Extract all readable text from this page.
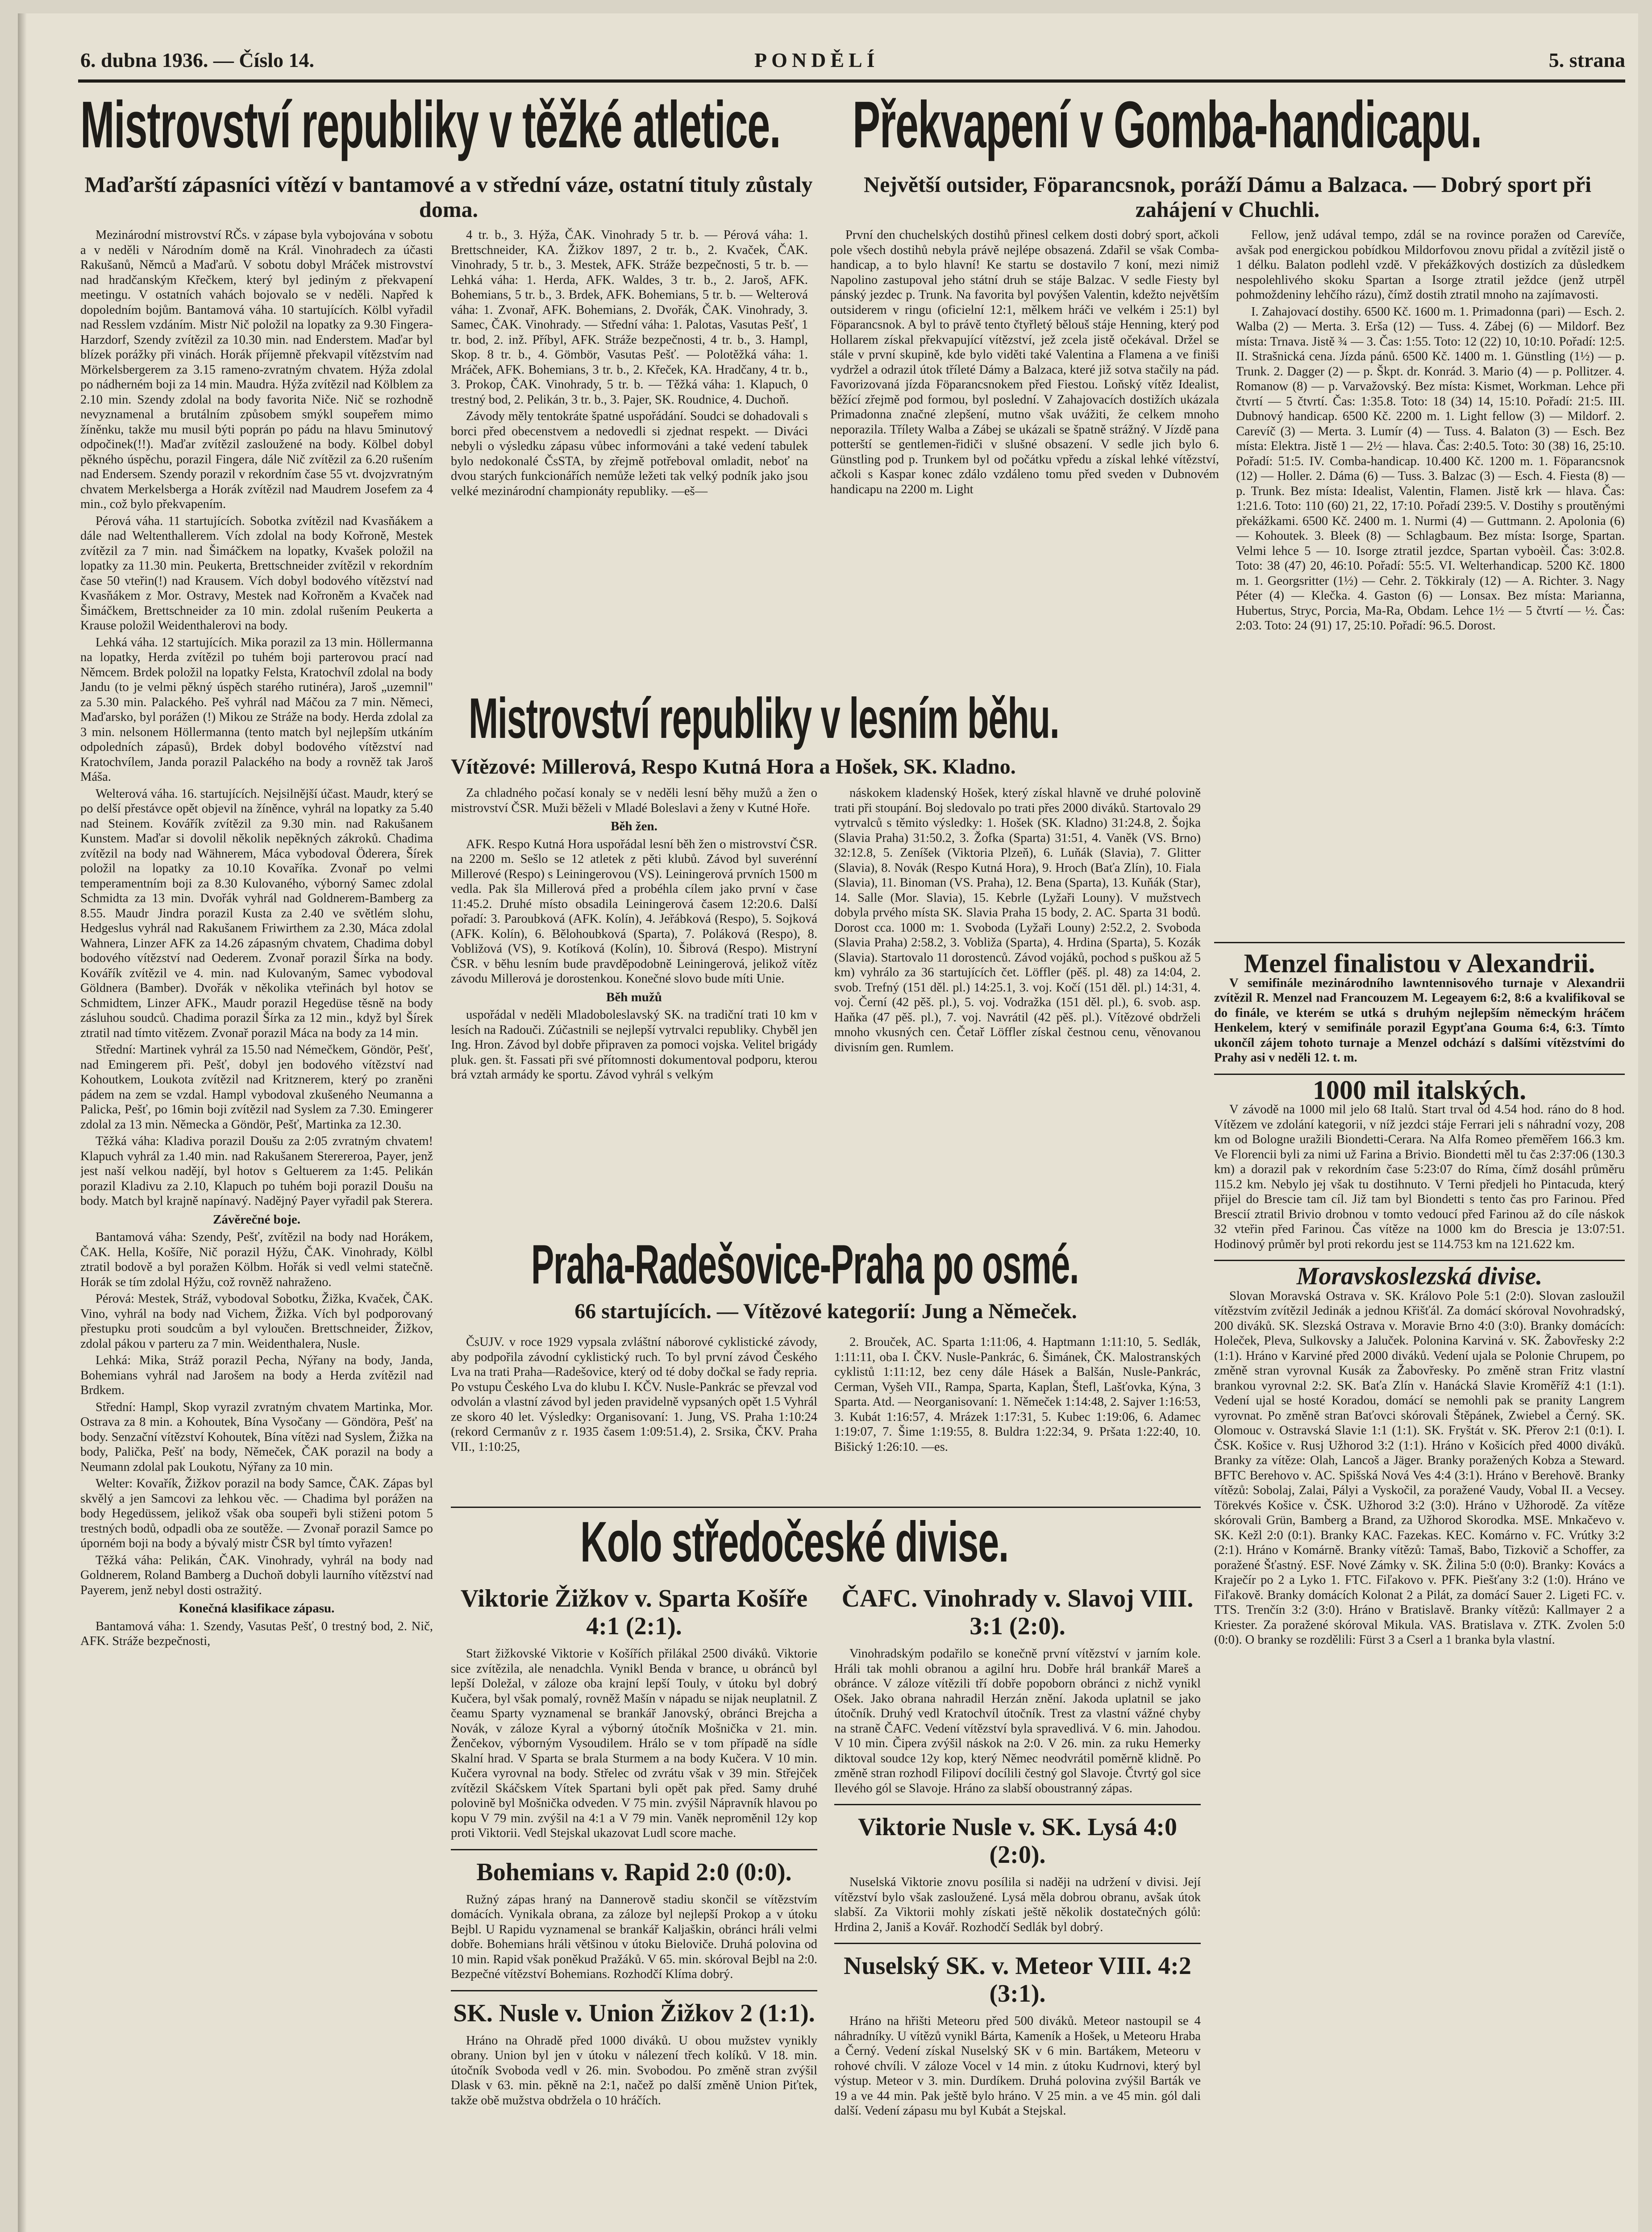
6. dubna 1936. — Číslo 14.	PONDĚLÍ	5. strana
Mistrovství republiky v těžké atletice. Překvapení v Gomba-handicapu.
Maďarští zápasníci vítězí v bantamové a v střední váze, ostatní tituly zůstaly doma.
Největší outsider, Föparancsnok, poráží Dámu a Balzaca. — Dobrý sport při zahájení v Chuchli.

Mezinárodní mistrovství RČs. v zápase byla vybojována v sobotu a v neděli v Národním domě na Král. Vinohradech za účasti Rakušanů, Němců a Maďarů. V sobotu dobyl Mráček mistrovství nad hradčanským Křečkem, který byl jediným z překvapení meetingu. V ostatních vahách bojovalo se v neděli. Napřed k dopoledním bojům. Bantamová váha. 10 startujících. Kölbl vyřadil nad Resslem vzdáním. Mistr Nič položil na lopatky za 9.30 Fingera-Harzdorf, Szendy zvítězil za 10.30 min. nad Enderstem. Maďar byl blízek porážky při vinách. Horák příjemně překvapil vítězstvím nad Mörkelsbergerem za 3.15 rameno-zvratným chvatem. Hýža zdolal po nádherném boji za 14 min. Maudra. Hýža zvítězil nad Kölblem za 2.10 min. Szendy zdolal na body favorita Niče. Nič se rozhodně nevyznamenal a brutálním způsobem smýkl soupeřem mimo žíněnku, takže mu musil býti poprán po pádu na hlavu 5minutový odpočinek(!!). Maďar zvítězil zasloužené na body. Kölbel dobyl pěkného úspěchu, porazil Fingera, dále Nič zvítězil za 6.20 rušením nad Endersem. Szendy porazil v rekordním čase 55 vt. dvojzvratným chvatem Merkelsberga a Horák zvítězil nad Maudrem Josefem za 4 min., což bylo překvapením.

Pérová váha. 11 startujících. Sobotka zvítězil nad Kvasňákem a dále nad Weltenthallerem. Vích zdolal na body Kořroně, Mestek zvítězil za 7 min. nad Šimáčkem na lopatky, Kvašek položil na lopatky za 11.30 min. Peukerta, Brettschneider zvítězil v rekordním čase 50 vteřin(!) nad Krausem. Vích dobyl bodového vítězství nad Kvasňákem z Mor. Ostravy, Mestek nad Kořroněm a Kvaček nad Šimáčkem, Brettschneider za 10 min. zdolal rušením Peukerta a Krause položil Weidenthalerovi na body.

Lehká váha. 12 startujících. Mika porazil za 13 min. Höllermanna na lopatky, Herda zvítězil po tuhém boji parterovou prací nad Němcem. Brdek položil na lopatky Felsta, Kratochvíl zdolal na body Jandu (to je velmi pěkný úspěch starého rutinéra), Jaroš „uzemnil" za 5.30 min. Palackého. Peš vyhrál nad Máčou za 7 min. Němeci, Maďarsko, byl porážen (!) Mikou ze Stráže na body. Herda zdolal za 3 min. nelsonem Höllermanna (tento match byl nejlepším utkáním odpoledních zápasů), Brdek dobyl bodového vítězství nad Kratochvílem, Janda porazil Palackého na body a rovněž tak Jaroš Máša.

Welterová váha. 16. startujících. Nejsilnější účast. Maudr, který se po delší přestávce opět objevil na žíněnce, vyhrál na lopatky za 5.40 nad Steinem. Kovářík zvítězil za 9.30 min. nad Rakušanem Kunstem. Maďar si dovolil několik nepěkných zákroků. Chadima zvítězil na body nad Wähnerem, Máca vybodoval Öderera, Šírek položil na lopatky za 10.10 Kovaříka. Zvonař po velmi temperamentním boji za 8.30 Kulovaného, výborný Samec zdolal Schmidta za 13 min. Dvořák vyhrál nad Goldnerem-Bamberg za 8.55. Maudr Jindra porazil Kusta za 2.40 ve světlém slohu, Hedgeslus vyhrál nad Rakušanem Friwirthem za 2.30, Máca zdolal Wahnera, Linzer AFK za 14.26 zápasným chvatem, Chadima dobyl bodového vítězství nad Oederem. Zvonař porazil Šírka na body. Kovářík zvítězil ve 4. min. nad Kulovaným, Samec vybodoval Göldnera (Bamber). Dvořák v několika vteřinách byl hotov se Schmidtem, Linzer AFK., Maudr porazil Hegedüse těsně na body zásluhou soudců. Chadima porazil Šírka za 12 min., když byl Šírek ztratil nad tímto vitězem. Zvonař porazil Máca na body za 14 min.

Střední: Martinek vyhrál za 15.50 nad Némečkem, Göndör, Pešť, nad Emingerem při. Pešť, dobyl jen bodového vítězství nad Kohoutkem, Loukota zvítězil nad Kritznerem, který po zraněni pádem na zem se vzdal. Hampl vybodoval zkušeného Neumanna a Palicka, Pešť, po 16min boji zvítězil nad Syslem za 7.30. Emingerer zdolal za 13 min. Německa a Göndör, Pešť, Martinka za 12.30.

Těžká váha: Kladiva porazil Doušu za 2:05 zvratným chvatem! Klapuch vyhrál za 1.40 min. nad Rakušanem Sterereroa, Payer, jenž jest naší velkou nadějí, byl hotov s Geltuerem za 1:45. Pelikán porazil Kladivu za 2.10, Klapuch po tuhém boji porazil Doušu na body. Match byl krajně napínavý. Nadějný Payer vyřadil pak Sterera.

Závěrečné boje.

Bantamová váha: Szendy, Pešť, zvítězil na body nad Horákem, ČAK. Hella, Košíře, Nič porazil Hýžu, ČAK. Vinohrady, Kölbl ztratil bodově a byl poražen Kölbm. Hořák si vedl velmi statečně. Horák se tím zdolal Hýžu, což rovněž nahraženo.

Pérová: Mestek, Stráž, vybodoval Sobotku, Žižka, Kvaček, ČAK. Vino, vyhrál na body nad Vichem, Žižka. Vích byl podporovaný přestupku proti soudcům a byl vyloučen. Brettschneider, Žižkov, zdolal pákou v parteru za 7 min. Weidenthalera, Nusle.

Lehká: Mika, Stráž porazil Pecha, Nýřany na body, Janda, Bohemians vyhrál nad Jarošem na body a Herda zvítězil nad Brdkem.

Střední: Hampl, Skop vyrazil zvratným chvatem Martinka, Mor. Ostrava za 8 min. a Kohoutek, Bína Vysočany — Göndöra, Pešť na body. Senzační vítězství Kohoutek, Bína vítězi nad Syslem, Žižka na body, Palička, Pešť na body, Němeček, ČAK porazil na body a Neumann zdolal pak Loukotu, Nýřany za 10 min.

Welter: Kovařík, Žižkov porazil na body Samce, ČAK. Zápas byl skvělý a jen Samcovi za lehkou věc. — Chadima byl porážen na body Hegedüssem, jelikož však oba soupeři byli stiženi potom 5 trestných bodů, odpadli oba ze soutěže. — Zvonař porazil Samce po úporném boji na body a bývalý mistr ČSR byl tímto vyřazen!

Těžká váha: Pelikán, ČAK. Vinohrady, vyhrál na body nad Goldnerem, Roland Bamberg a Duchoň dobyli laurního vítězství nad Payerem, jenž nebyl dosti ostražitý.

Konečná klasifikace zápasu.

Bantamová váha: 1. Szendy, Vasutas Pešť, 0 trestný bod, 2. Nič, AFK. Stráže bezpečnosti,

4 tr. b., 3. Hýža, ČAK. Vinohrady 5 tr. b. — Pérová váha: 1. Brettschneider, KA. Žižkov 1897, 2 tr. b., 2. Kvaček, ČAK. Vinohrady, 5 tr. b., 3. Mestek, AFK. Stráže bezpečnosti, 5 tr. b. — Lehká váha: 1. Herda, AFK. Waldes, 3 tr. b., 2. Jaroš, AFK. Bohemians, 5 tr. b., 3. Brdek, AFK. Bohemians, 5 tr. b. — Welterová váha: 1. Zvonař, AFK. Bohemians, 2. Dvořák, ČAK. Vinohrady, 3. Samec, ČAK. Vinohrady. — Střední váha: 1. Palotas, Vasutas Pešť, 1 tr. bod, 2. inž. Příbyl, AFK. Stráže bezpečnosti, 4 tr. b., 3. Hampl, Skop. 8 tr. b., 4. Gömbör, Vasutas Pešť. — Polotěžká váha: 1. Mráček, AFK. Bohemians, 3 tr. b., 2. Křeček, KA. Hradčany, 4 tr. b., 3. Prokop, ČAK. Vinohrady, 5 tr. b. — Těžká váha: 1. Klapuch, 0 trestný bod, 2. Pelikán, 3 tr. b., 3. Pajer, SK. Roudnice, 4. Duchoň.

Závody měly tentokráte špatné uspořádání. Soudci se dohadovali s borci před obecenstvem a nedovedli si zjednat respekt. — Diváci nebyli o výsledku zápasu vůbec informováni a také vedení tabulek bylo nedokonalé ČsSTA, by zřejmě potřeboval omladit, neboť na dvou starých funkcionářích nemůže ležeti tak velký podník jako jsou velké mezinárodní championáty republiky. —eš—

První den chuchelských dostihů přinesl celkem dosti dobrý sport, ačkoli pole všech dostihů nebyla právě nejlépe obsazená. Zdařil se však Comba-handicap, a to bylo hlavní! Ke startu se dostavilo 7 koní, mezi nimiž Napolino zastupoval jeho státní druh se stáje Balzac. V sedle Fiesty byl pánský jezdec p. Trunk. Na favorita byl povýšen Valentin, kdežto největším outsiderem v ringu (oficielní 12:1, mělkem hráči ve velkém i 25:1) byl Föparancsnok. A byl to právě tento čtyřletý bělouš stáje Henning, který pod Hollarem získal překvapující vítězství, jež zcela jistě očekával. Držel se stále v první skupině, kde bylo viděti také Valentina a Flamena a ve finiši vydržel a odrazil útok tříleté Dámy a Balzaca, které již sotva stačily na pád. Favorizovaná jízda Föparancsnokem před Fiestou. Loňský vítěz Idealist, běžící zřejmě pod formou, byl poslední. V Zahajovacích dostižích ukázala Primadonna značné zlepšení, mutno však uvážiti, že celkem mnoho neporazila. Třílety Walba a Zábej se ukázali se špatně strážný. V Jízdě pana potterští se gentlemen-řidiči v slušné obsazení. V sedle jich bylo 6. Günstling pod p. Trunkem byl od počátku vpředu a získal lehké vítězství, ačkoli s Kaspar konec zdálo vzdáleno tomu před sveden v Dubnovém handicapu na 2200 m. Light

Fellow, jenž udával tempo, zdál se na rovince poražen od Carevíče, avšak pod energickou pobídkou Mildorfovou znovu přidal a zvítězil jistě o 1 délku. Balaton podlehl vzdě. V překážkových dostizích za důsledkem nespolehlivého skoku Spartan a Isorge ztratil ježdce (jenž utrpěl pohmoždeniny lehčího rázu), čímž dostih ztratil mnoho na zajímavosti.

I. Zahajovací dostihy. 6500 Kč. 1600 m. 1. Primadonna (pari) — Esch. 2. Walba (2) — Merta. 3. Erša (12) — Tuss. 4. Zábej (6) — Mildorf. Bez místa: Trnava. Jistě ¾ — 3. Čas: 1:55. Toto: 12 (22) 10, 10:10. Pořadí: 12:5. II. Strašnická cena. Jízda pánů. 6500 Kč. 1400 m. 1. Günstling (1½) — p. Trunk. 2. Dagger (2) — p. Škpt. dr. Konrád. 3. Mario (4) — p. Pollitzer. 4. Romanow (8) — p. Varvažovský. Bez místa: Kismet, Workman. Lehce při čtvrtí — 5 čtvrtí. Čas: 1:35.8. Toto: 18 (34) 14, 15:10. Pořadí: 21:5. III. Dubnový handicap. 6500 Kč. 2200 m. 1. Light fellow (3) — Mildorf. 2. Carevíč (3) — Merta. 3. Lumír (4) — Tuss. 4. Balaton (3) — Esch. Bez místa: Elektra. Jistě 1 — 2½ — hlava. Čas: 2:40.5. Toto: 30 (38) 16, 25:10. Pořadí: 51:5. IV. Comba-handicap. 10.400 Kč. 1200 m. 1. Föparancsnok (12) — Holler. 2. Dáma (6) — Tuss. 3. Balzac (3) — Esch. 4. Fiesta (8) — p. Trunk. Bez místa: Idealist, Valentin, Flamen. Jistě krk — hlava. Čas: 1:21.6. Toto: 110 (60) 21, 22, 17:10. Pořadí 239:5. V. Dostihy s proutěnými překážkami. 6500 Kč. 2400 m. 1. Nurmi (4) — Guttmann. 2. Apolonia (6) — Kohoutek. 3. Bleek (8) — Schlagbaum. Bez místa: Isorge, Spartan. Velmi lehce 5 — 10. Isorge ztratil jezdce, Spartan vyboèil. Čas: 3:02.8. Toto: 38 (47) 20, 46:10. Pořadí: 55:5. VI. Welterhandicap. 5200 Kč. 1800 m. 1. Georgsritter (1½) — Cehr. 2. Tökkiraly (12) — A. Richter. 3. Nagy Péter (4) — Klečka. 4. Gaston (6) — Lonsax. Bez místa: Marianna, Hubertus, Stryc, Porcia, Ma-Ra, Obdam. Lehce 1½ — 5 čtvrtí — ½. Čas: 2:03. Toto: 24 (91) 17, 25:10. Pořadí: 96.5. Dorost.

Mistrovství republiky v lesním běhu.
Vítězové: Millerová, Respo Kutná Hora a Hošek, SK. Kladno.

Za chladného počasí konaly se v neděli lesní běhy mužů a žen o mistrovství ČSR. Muži běželi v Mladé Boleslavi a ženy v Kutné Hoře.

Běh žen.

AFK. Respo Kutná Hora uspořádal lesní běh žen o mistrovství ČSR. na 2200 m. Sešlo se 12 atletek z pěti klubů. Závod byl suverénní Millerové (Respo) s Leiningerovou (VS). Leiningerová prvních 1500 m vedla. Pak šla Millerová před a probéhla cílem jako první v čase 11:45.2. Druhé místo obsadila Leiningerová časem 12:20.6. Další pořadí: 3. Paroubková (AFK. Kolín), 4. Jeřábková (Respo), 5. Sojková (AFK. Kolín), 6. Bělohoubková (Sparta), 7. Poláková (Respo), 8. Vobližová (VS), 9. Kotíková (Kolín), 10. Šibrová (Respo). Mistryní ČSR. v běhu lesním bude pravděpodobně Leiningerová, jelikož vítěz závodu Millerová je dorostenkou. Konečné slovo bude míti Unie.

Běh mužů

uspořádal v neděli Mladoboleslavský SK. na tradiční trati 10 km v lesích na Radouči. Zúčastnili se nejlepší vytrvalci republiky. Chyběl jen Ing. Hron. Závod byl dobře připraven za pomoci vojska. Velitel brigády pluk. gen. št. Fassati při své přítomnosti dokumentoval podporu, kterou brá vztah armády ke sportu. Závod vyhrál s velkým

náskokem kladenský Hošek, který získal hlavně ve druhé polovině trati při stoupání. Boj sledovalo po trati přes 2000 diváků. Startovalo 29 vytrvalců s těmito výsledky: 1. Hošek (SK. Kladno) 31:24.8, 2. Šojka (Slavia Praha) 31:50.2, 3. Žofka (Sparta) 31:51, 4. Vaněk (VS. Brno) 32:12.8, 5. Zeníšek (Viktoria Plzeň), 6. Luňák (Slavia), 7. Glitter (Slavia), 8. Novák (Respo Kutná Hora), 9. Hroch (Baťa Zlín), 10. Fiala (Slavia), 11. Binoman (VS. Praha), 12. Bena (Sparta), 13. Kuňák (Star), 14. Salle (Mor. Slavia), 15. Kebrle (Lyžaři Louny). V mužstvech dobyla prvého místa SK. Slavia Praha 15 body, 2. AC. Sparta 31 bodů. Dorost cca. 1000 m: 1. Svoboda (Lyžaři Louny) 2:52.2, 2. Svoboda (Slavia Praha) 2:58.2, 3. Vobliža (Sparta), 4. Hrdina (Sparta), 5. Kozák (Slavia). Startovalo 11 dorostenců. Závod vojáků, pochod s puškou až 5 km) vyhrálo za 36 startujících čet. Löffler (pěš. pl. 48) za 14:04, 2. svob. Trefný (151 děl. pl.) 14:25.1, 3. voj. Kočí (151 děl. pl.) 14:31, 4. voj. Černí (42 pěš. pl.), 5. voj. Vodražka (151 děl. pl.), 6. svob. asp. Haňka (47 pěš. pl.), 7. voj. Navrátil (42 pěš. pl.). Vítězové obdrželi mnoho vkusných cen. Četař Löffler získal čestnou cenu, věnovanou divisním gen. Rumlem.

Praha-Radešovice-Praha po osmé.
66 startujících. — Vítězové kategorií: Jung a Němeček.

ČsUJV. v roce 1929 vypsala zvláštní náborové cyklistické závody, aby podpořila závodní cyklistický ruch. To byl první závod Českého Lva na trati Praha—Radešovice, který od té doby dočkal se řady repria. Po vstupu Českého Lva do klubu I. KČV. Nusle-Pankrác se převzal vod odvolán a vlastní závod byl jeden pravidelně vypsaných opět 1.5 Vyhrál ze skoro 40 let. Výsledky: Organisovaní: 1. Jung, VS. Praha 1:10:24 (rekord Cermanův z r. 1935 časem 1:09:51.4), 2. Srsika, ČKV. Praha VII., 1:10:25,

2. Brouček, AC. Sparta 1:11:06, 4. Haptmann 1:11:10, 5. Sedlák, 1:11:11, oba I. ČKV. Nusle-Pankrác, 6. Šimánek, ČK. Malostranských cyklistů 1:11:12, bez ceny dále Hásek a Balšán, Nusle-Pankrác, Cerman, Vyšeh VII., Rampa, Sparta, Kaplan, Štefl, Lašťovka, Kýna, 3 Sparta. Atd. — Neorganisovaní: 1. Němeček 1:14:48, 2. Sajver 1:16:53, 3. Kubát 1:16:57, 4. Mrázek 1:17:31, 5. Kubec 1:19:06, 6. Adamec 1:19:07, 7. Šime 1:19:55, 8. Buldra 1:22:34, 9. Pršata 1:22:40, 10. Bišický 1:26:10. —es.

Kolo středočeské divise.
Viktorie Žižkov v. Sparta Košíře 4:1 (2:1).

Start žižkovské Viktorie v Košířích přilákal 2500 diváků. Viktorie sice zvítězila, ale nenadchla. Vynikl Benda v brance, u obránců byl lepší Doležal, v záloze oba krajní lepší Touly, v útoku byl dobrý Kučera, byl však pomalý, rovněž Mašín v nápadu se nijak neuplatnil. Z čeamu Sparty vyznamenal se brankář Janovský, obránci Brejcha a Novák, v záloze Kyral a výborný útočník Mošnička v 21. min. Ženčekov, výborným Vysoudilem. Hrálo se v tom případě na sídle Skalní hrad. V Sparta se brala Sturmem a na body Kučera. V 10 min. Kučera vyrovnal na body. Střelec od zvrátu však v 39 min. Střejček zvítězil Skáčskem Vítek Spartani byli opět pak před. Samy druhé polovině byl Mošnička odveden. V 75 min. zvýšil Nápravník hlavou po kopu V 79 min. zvýšil na 4:1 a V 79 min. Vaněk neproměnil 12y kop proti Viktorii. Vedl Stejskal ukazovat Ludl score mache.

Bohemians v. Rapid 2:0 (0:0).

Ružný zápas hraný na Dannerově stadiu skončil se vítězstvím domácích. Vynikala obrana, za záloze byl nejlepší Prokop a v útoku Bejbl. U Rapidu vyznamenal se brankář Kaljaškin, obránci hráli velmi dobře. Bohemians hráli většinou v útoku Bieloviče. Druhá polovina od 10 min. Rapid však poněkud Pražáků. V 65. min. skóroval Bejbl na 2:0. Bezpečné vítězství Bohemians. Rozhodčí Klíma dobrý.

SK. Nusle v. Union Žižkov 2 (1:1).

Hráno na Ohradě před 1000 diváků. U obou mužstev vynikly obrany. Union byl jen v útoku v nálezení třech kolíků. V 18. min. útočník Svoboda vedl v 26. min. Svobodou. Po změně stran zvýšil Dlask v 63. min. pěkně na 2:1, načež po další změně Union Piťtek, takže obě mužstva obdržela o 10 hráčích.

ČAFC. Vinohrady v. Slavoj VIII. 3:1 (2:0).

Vinohradským podařilo se konečně první vítězství v jarním kole. Hráli tak mohli obranou a agilní hru. Dobře hrál brankář Mareš a obránce. V záloze vítězili tří dobře popoborn obránci z nichž vynikl Ošek. Jako obrana nahradil Herzán znění. Jakoda uplatnil se jako útočník. Druhý vedl Kratochvíl útočník. Trest za vlastní vážné chyby na straně ČAFC. Vedení vítězství byla spravedlivá. V 6. min. Jahodou. V 10 min. Čipera zvýšil náskok na 2:0. V 26. min. za ruku Hemerky diktoval soudce 12y kop, který Němec neodvrátil poměrně klidně. Po změně stran rozhodl Filipoví docílili čestný gol Slavoje. Čtvrtý gol sice Ilevého gól se Slavoje. Hráno za slabší oboustranný zápas.

Viktorie Nusle v. SK. Lysá 4:0 (2:0).

Nuselská Viktorie znovu posílila si naději na udržení v divisi. Její vítězství bylo však zasloužené. Lysá měla dobrou obranu, avšak útok slabší. Za Viktorii mohly získati ještě několik dostatečných gólů: Hrdina 2, Janiš a Kovář. Rozhodčí Sedlák byl dobrý.

Nuselský SK. v. Meteor VIII. 4:2 (3:1).

Hráno na hřišti Meteoru před 500 diváků. Meteor nastoupil se 4 náhradníky. U vítězů vynikl Bárta, Kameník a Hošek, u Meteoru Hraba a Černý. Vedení získal Nuselský SK v 6 min. Bartákem, Meteoru v rohové chvíli. V záloze Vocel v 14 min. z útoku Kudrnovi, který byl výstup. Meteor v 3. min. Durdíkem. Druhá polovina zvýšil Barták ve 19 a ve 44 min. Pak ještě bylo hráno. V 25 min. a ve 45 min. gól dali další. Vedení zápasu mu byl Kubát a Stejskal.

Menzel finalistou v Alexandrii.

V semifinále mezinárodního lawntennisového turnaje v Alexandrii zvítězil R. Menzel nad Francouzem M. Legeayem 6:2, 8:6 a kvalifikoval se do finále, ve kterém se utká s druhým nejlepším německým hráčem Henkelem, který v semifinále porazil Egypťana Gouma 6:4, 6:3. Tímto ukončíl zájem tohoto turnaje a Menzel odchází s dalšími vítězstvími do Prahy asi v neděli 12. t. m.

1000 mil italských.

V závodě na 1000 mil jelo 68 Italů. Start trval od 4.54 hod. ráno do 8 hod. Vítězem ve zdolání kategorii, v níž jezdci stáje Ferrari jeli s náhradní vozy, 208 km od Bologne uražili Biondetti-Cerara. Na Alfa Romeo přeměřem 166.3 km. Ve Florencii byli za nimi už Farina a Brivio. Biondetti měl tu čas 2:37:06 (130.3 km) a dorazil pak v rekordním čase 5:23:07 do Ríma, čímž dosáhl průměru 115.2 km. Nebylo jej však tu dostihnuto. V Terni předjeli ho Pintacuda, který přijel do Brescie tam cíl. Již tam byl Biondetti s tento čas pro Farinou. Před Brescií ztratil Brivio drobnou v tomto vedoucí před Farinou až do cíle náskok 32 vteřin před Farinou. Čas vítěze na 1000 km do Brescia je 13:07:51. Hodinový průměr byl proti rekordu jest se 114.753 km na 121.622 km.

Moravskoslezská divise.

Slovan Moravská Ostrava v. SK. Královo Pole 5:1 (2:0). Slovan zasloužil vítězstvím zvítězil Jedinák a jednou Křišťál. Za domácí skóroval Novohradský, 200 diváků. SK. Slezská Ostrava v. Moravie Brno 4:0 (3:0). Branky domácích: Holeček, Pleva, Sulkovsky a Jaluček. Polonina Karviná v. SK. Žabovřesky 2:2 (1:1). Hráno v Karviné před 2000 diváků. Vedení ujala se Polonie Chrupem, po změně stran vyrovnal Kusák za Žabovřesky. Po změně stran Fritz vlastní brankou vyrovnal 2:2. SK. Baťa Zlín v. Hanácká Slavie Kroměříž 4:1 (1:1). Vedení ujal se hosté Koradou, domácí se nemohli pak se pranity Langrem vyrovnat. Po změně stran Baťovci skórovali Štěpánek, Zwiebel a Černý. SK. Olomouc v. Ostravská Slavie 1:1 (1:1). SK. Fryštát v. SK. Přerov 2:1 (0:1). I. ČSK. Košice v. Rusj Užhorod 3:2 (1:1). Hráno v Košicích před 4000 diváků. Branky za vítěze: Olah, Lancoš a Jäger. Branky poražených Kobza a Steward. BFTC Berehovo v. AC. Spišská Nová Ves 4:4 (3:1). Hráno v Berehově. Branky vítězů: Sobolaj, Zalai, Pályi a Vyskočil, za poražené Vaudy, Vobal II. a Vecsey. Törekvés Košice v. ČSK. Užhorod 3:2 (3:0). Hráno v Užhorodě. Za vítěze skórovali Grün, Bamberg a Brand, za Užhorod Skorodka. MSE. Mnkačevo v. SK. Kežl 2:0 (0:1). Branky KAC. Fazekas. KEC. Komárno v. FC. Vrútky 3:2 (2:1). Hráno v Komárně. Branky vítězů: Tamaš, Babo, Tizkovič a Schoffer, za poražené Šťastný. ESF. Nové Zámky v. SK. Žilina 5:0 (0:0). Branky: Kovács a Kraječír po 2 a Lyko 1. FTC. Fiľakovo v. PFK. Piešťany 3:2 (1:0). Hráno ve Fiľakově. Branky domácích Kolonat 2 a Pilát, za domácí Sauer 2. Ligeti FC. v. TTS. Trenčín 3:2 (3:0). Hráno v Bratislavě. Branky vítězů: Kallmayer 2 a Kriester. Za poražené skóroval Mikula. VAS. Bratislava v. ZTK. Zvolen 5:0 (0:0). O branky se rozdělili: Fürst 3 a Cserl a 1 branka byla vlastní.
